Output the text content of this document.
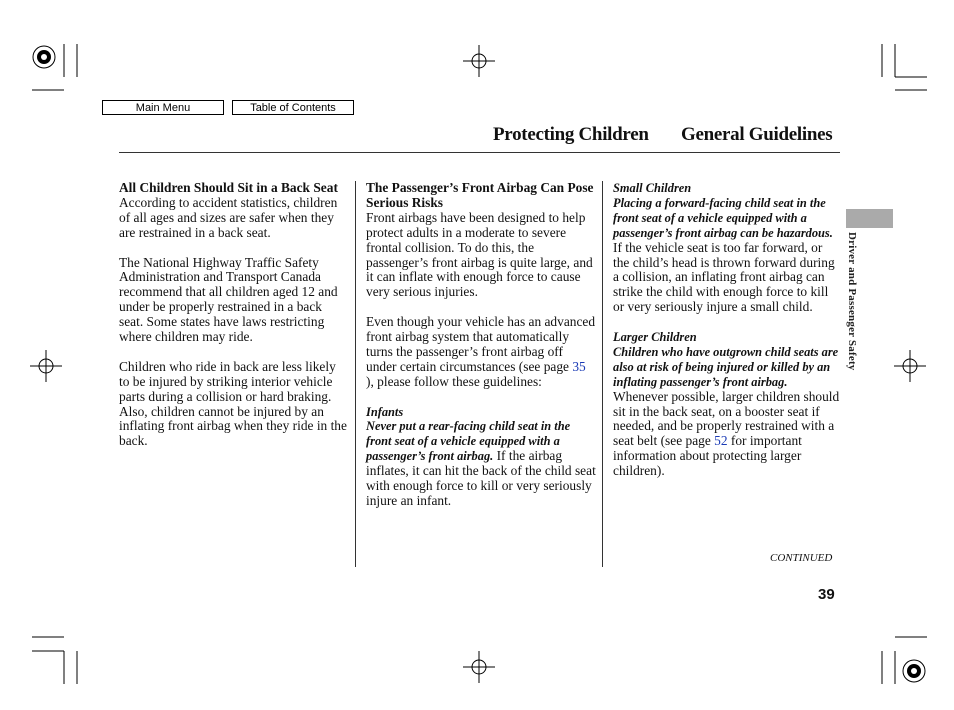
Main Menu	Table of Contents
Protecting Children General Guidelines
Driver and Passenger Safety
All Children Should Sit in a Back Seat

According to accident statistics, children of all ages and sizes are safer when they are restrained in a back seat.

The National Highway Traffic Safety Administration and Transport Canada recommend that all children aged 12 and under be properly restrained in a back seat. Some states have laws restricting where children may ride.

Children who ride in back are less likely to be injured by striking interior vehicle parts during a collision or hard braking. Also, children cannot be injured by an inflating front airbag when they ride in the back.

The Passenger’s Front Airbag Can Pose Serious Risks

Front airbags have been designed to help protect adults in a moderate to severe frontal collision. To do this, the passenger’s front airbag is quite large, and it can inflate with enough force to cause very serious injuries.

Even though your vehicle has an advanced front airbag system that automatically turns the passenger’s front airbag off under certain circumstances (see page 35 ), please follow these guidelines:

Infants
Never put a rear-facing child seat in the front seat of a vehicle equipped with a passenger’s front airbag. If the airbag inflates, it can hit the back of the child seat with enough force to kill or very seriously injure an infant.
Small Children

Placing a forward-facing child seat in the front seat of a vehicle equipped with a passenger’s front airbag can be hazardous. If the vehicle seat is too far forward, or the child’s head is thrown forward during a collision, an inflating front airbag can strike the child with enough force to kill or very seriously injure a small child.

Larger Children
Children who have outgrown child seats are also at risk of being injured or killed by an inflating passenger’s front airbag. Whenever possible, larger children should sit in the back seat, on a booster seat if needed, and be properly restrained with a seat belt (see page 52 for important information about protecting larger children).
CONTINUED
39
